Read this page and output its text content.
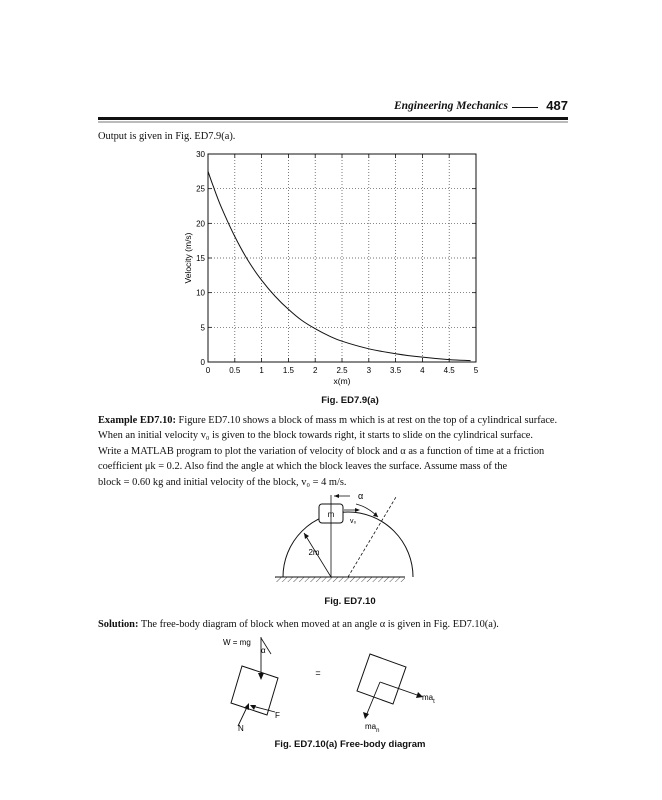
Engineering Mechanics	487
Output is given in Fig. ED7.9(a).
0 0.5 1 1.5 2 2.5 3 3.5 4 4.5 5
0
5
10
15
20
25
30
x(m)
Velocity (m/s)
Fig. ED7.9(a)
Example ED7.10: Figure ED7.10 shows a block of mass m which is at rest on the top of a cylindrical surface.
When an initial velocity v₀ is given to the block towards right, it starts to slide on the cylindrical surface.
Write a MATLAB program to plot the variation of velocity of block and α as a function of time at a friction
coefficient μk = 0.2. Also find the angle at which the block leaves the surface. Assume mass of the
block = 0.60 kg and initial velocity of the block, v₀ = 4 m/s.
m
α
v₀
2m
Fig. ED7.10
Solution: The free-body diagram of block when moved at an angle α is given in Fig. ED7.10(a).
W = mg
α
F
N
=
$ma_t$
$ma_n$
Fig. ED7.10(a) Free-body diagram
